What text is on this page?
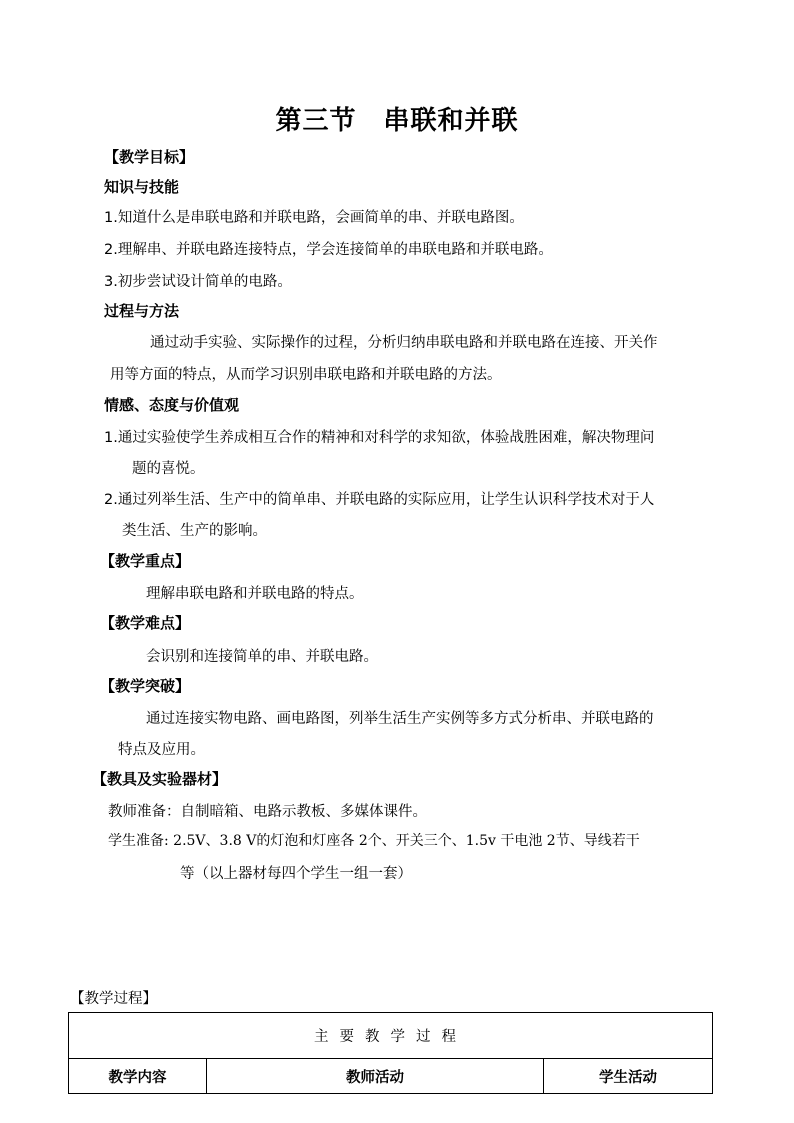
第三节　串联和并联
【教学目标】
知识与技能
1.知道什么是串联电路和并联电路，会画简单的串、并联电路图。
2.理解串、并联电路连接特点，学会连接简单的串联电路和并联电路。
3.初步尝试设计简单的电路。
过程与方法
通过动手实验、实际操作的过程，分析归纳串联电路和并联电路在连接、开关作
用等方面的特点，从而学习识别串联电路和并联电路的方法。
情感、态度与价值观
1.通过实验使学生养成相互合作的精神和对科学的求知欲，体验战胜困难，解决物理问
题的喜悦。
2.通过列举生活、生产中的简单串、并联电路的实际应用，让学生认识科学技术对于人
类生活、生产的影响。
【教学重点】
理解串联电路和并联电路的特点。
【教学难点】
会识别和连接简单的串、并联电路。
【教学突破】
通过连接实物电路、画电路图，列举生活生产实例等多方式分析串、并联电路的
特点及应用。
【教具及实验器材】
教师准备：自制暗箱、电路示教板、多媒体课件。
学生准备: 2.5V、3.8 V的灯泡和灯座各 2个、开关三个、1.5v 干电池 2节、导线若干
等（以上器材每四个学生一组一套）
【教学过程】
主要教学过程
教学内容	教师活动	学生活动
